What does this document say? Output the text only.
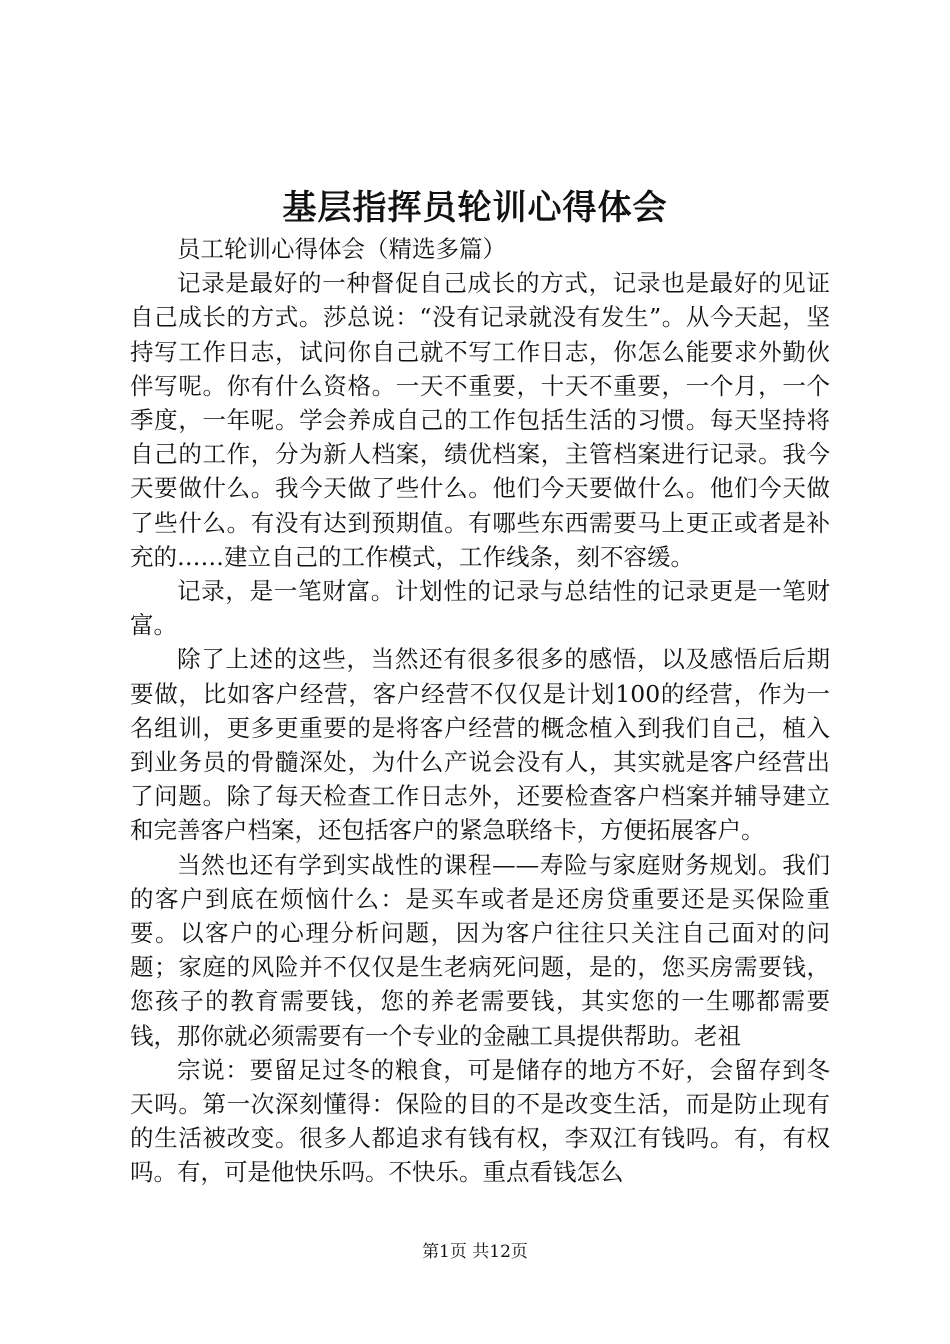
基层指挥员轮训心得体会

员工轮训心得体会（精选多篇）

记录是最好的一种督促自己成长的方式，记录也是最好的见证自己成长的方式。莎总说：“没有记录就没有发生”。从今天起，坚持写工作日志，试问你自己就不写工作日志，你怎么能要求外勤伙伴写呢。你有什么资格。一天不重要，十天不重要，一个月，一个季度，一年呢。学会养成自己的工作包括生活的习惯。每天坚持将自己的工作，分为新人档案，绩优档案，主管档案进行记录。我今天要做什么。我今天做了些什么。他们今天要做什么。他们今天做了些什么。有没有达到预期值。有哪些东西需要马上更正或者是补充的……建立自己的工作模式，工作线条，刻不容缓。

记录，是一笔财富。计划性的记录与总结性的记录更是一笔财富。

除了上述的这些，当然还有很多很多的感悟，以及感悟后后期要做，比如客户经营，客户经营不仅仅是计划100的经营，作为一名组训，更多更重要的是将客户经营的概念植入到我们自己，植入到业务员的骨髓深处，为什么产说会没有人，其实就是客户经营出了问题。除了每天检查工作日志外，还要检查客户档案并辅导建立和完善客户档案，还包括客户的紧急联络卡，方便拓展客户。

当然也还有学到实战性的课程——寿险与家庭财务规划。我们的客户到底在烦恼什么：是买车或者是还房贷重要还是买保险重要。以客户的心理分析问题，因为客户往往只关注自己面对的问题；家庭的风险并不仅仅是生老病死问题，是的，您买房需要钱，您孩子的教育需要钱，您的养老需要钱，其实您的一生哪都需要钱，那你就必须需要有一个专业的金融工具提供帮助。老祖

宗说：要留足过冬的粮食，可是储存的地方不好，会留存到冬天吗。第一次深刻懂得：保险的目的不是改变生活，而是防止现有的生活被改变。很多人都追求有钱有权，李双江有钱吗。有，有权吗。有，可是他快乐吗。不快乐。重点看钱怎么

第1页 共12页
